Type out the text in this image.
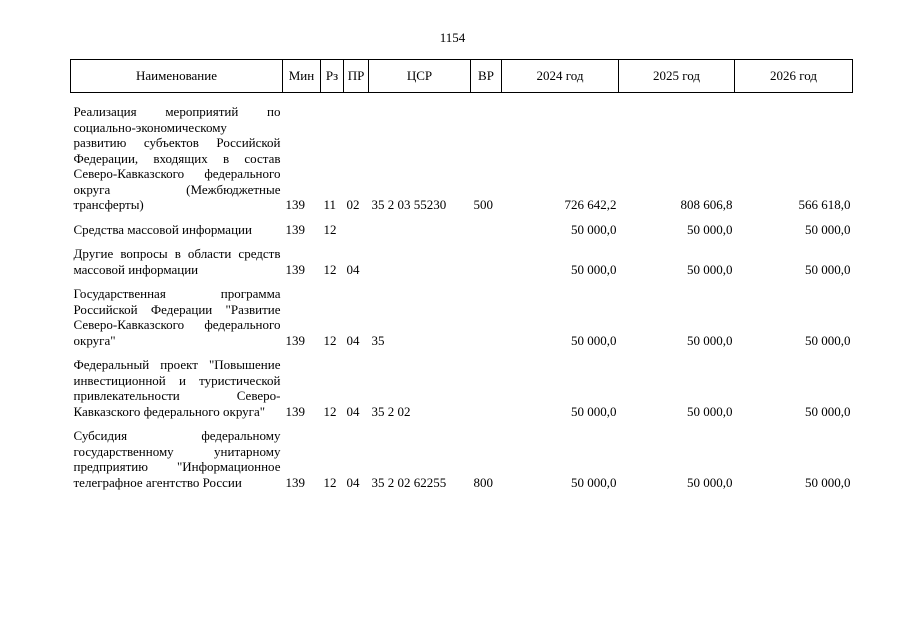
1154
Наименование	Мин	Рз	ПР	ЦСР	ВР	2024 год	2025 год	2026 год

Реализация мероприятий по социально-экономическому развитию субъектов Российской Федерации, входящих в состав Северо-Кавказского федерального округа (Межбюджетные трансферты)	139	11	02	35 2 03 55230	500	726 642,2	808 606,8	566 618,0

Средства массовой информации	139	12				50 000,0	50 000,0	50 000,0

Другие вопросы в области средств массовой информации	139	12	04			50 000,0	50 000,0	50 000,0

Государственная программа Российской Федерации "Развитие Северо-Кавказского федерального округа"	139	12	04	35		50 000,0	50 000,0	50 000,0

Федеральный проект "Повышение инвестиционной и туристической привлекательности Северо-Кавказского федерального округа"	139	12	04	35 2 02		50 000,0	50 000,0	50 000,0

Субсидия федеральному государственному унитарному предприятию "Информационное телеграфное агентство России	139	12	04	35 2 02 62255	800	50 000,0	50 000,0	50 000,0
